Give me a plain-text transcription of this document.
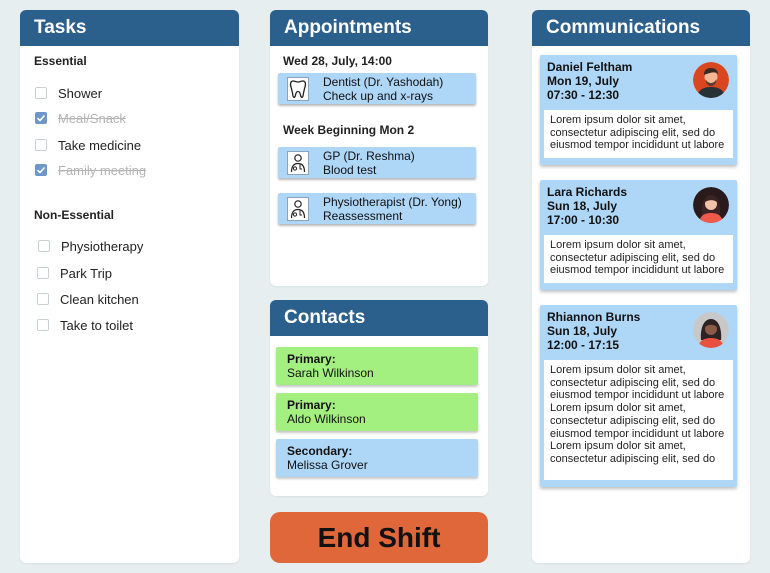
Tasks
Essential
Shower
Meal/Snack
Take medicine
Family meeting
Non-Essential
Physiotherapy
Park Trip
Clean kitchen
Take to toilet
Appointments
Wed 28, July, 14:00
Dentist (Dr. Yashodah)
Check up and x-rays
Week Beginning Mon 2
GP (Dr. Reshma)
Blood test
Physiotherapist (Dr. Yong)
Reassessment
Contacts
Primary:
Sarah Wilkinson
Primary:
Aldo Wilkinson
Secondary:
Melissa Grover
End Shift
Communications
Daniel Feltham
Mon 19, July
07:30 - 12:30
Lorem ipsum dolor sit amet, consectetur adipiscing elit, sed do eiusmod tempor incididunt ut labore
Lara Richards
Sun 18, July
17:00 - 10:30
Lorem ipsum dolor sit amet, consectetur adipiscing elit, sed do eiusmod tempor incididunt ut labore
Rhiannon Burns
Sun 18, July
12:00 - 17:15
Lorem ipsum dolor sit amet, consectetur adipiscing elit, sed do eiusmod tempor incididunt ut labore Lorem ipsum dolor sit amet, consectetur adipiscing elit, sed do eiusmod tempor incididunt ut labore Lorem ipsum dolor sit amet, consectetur adipiscing elit, sed do
